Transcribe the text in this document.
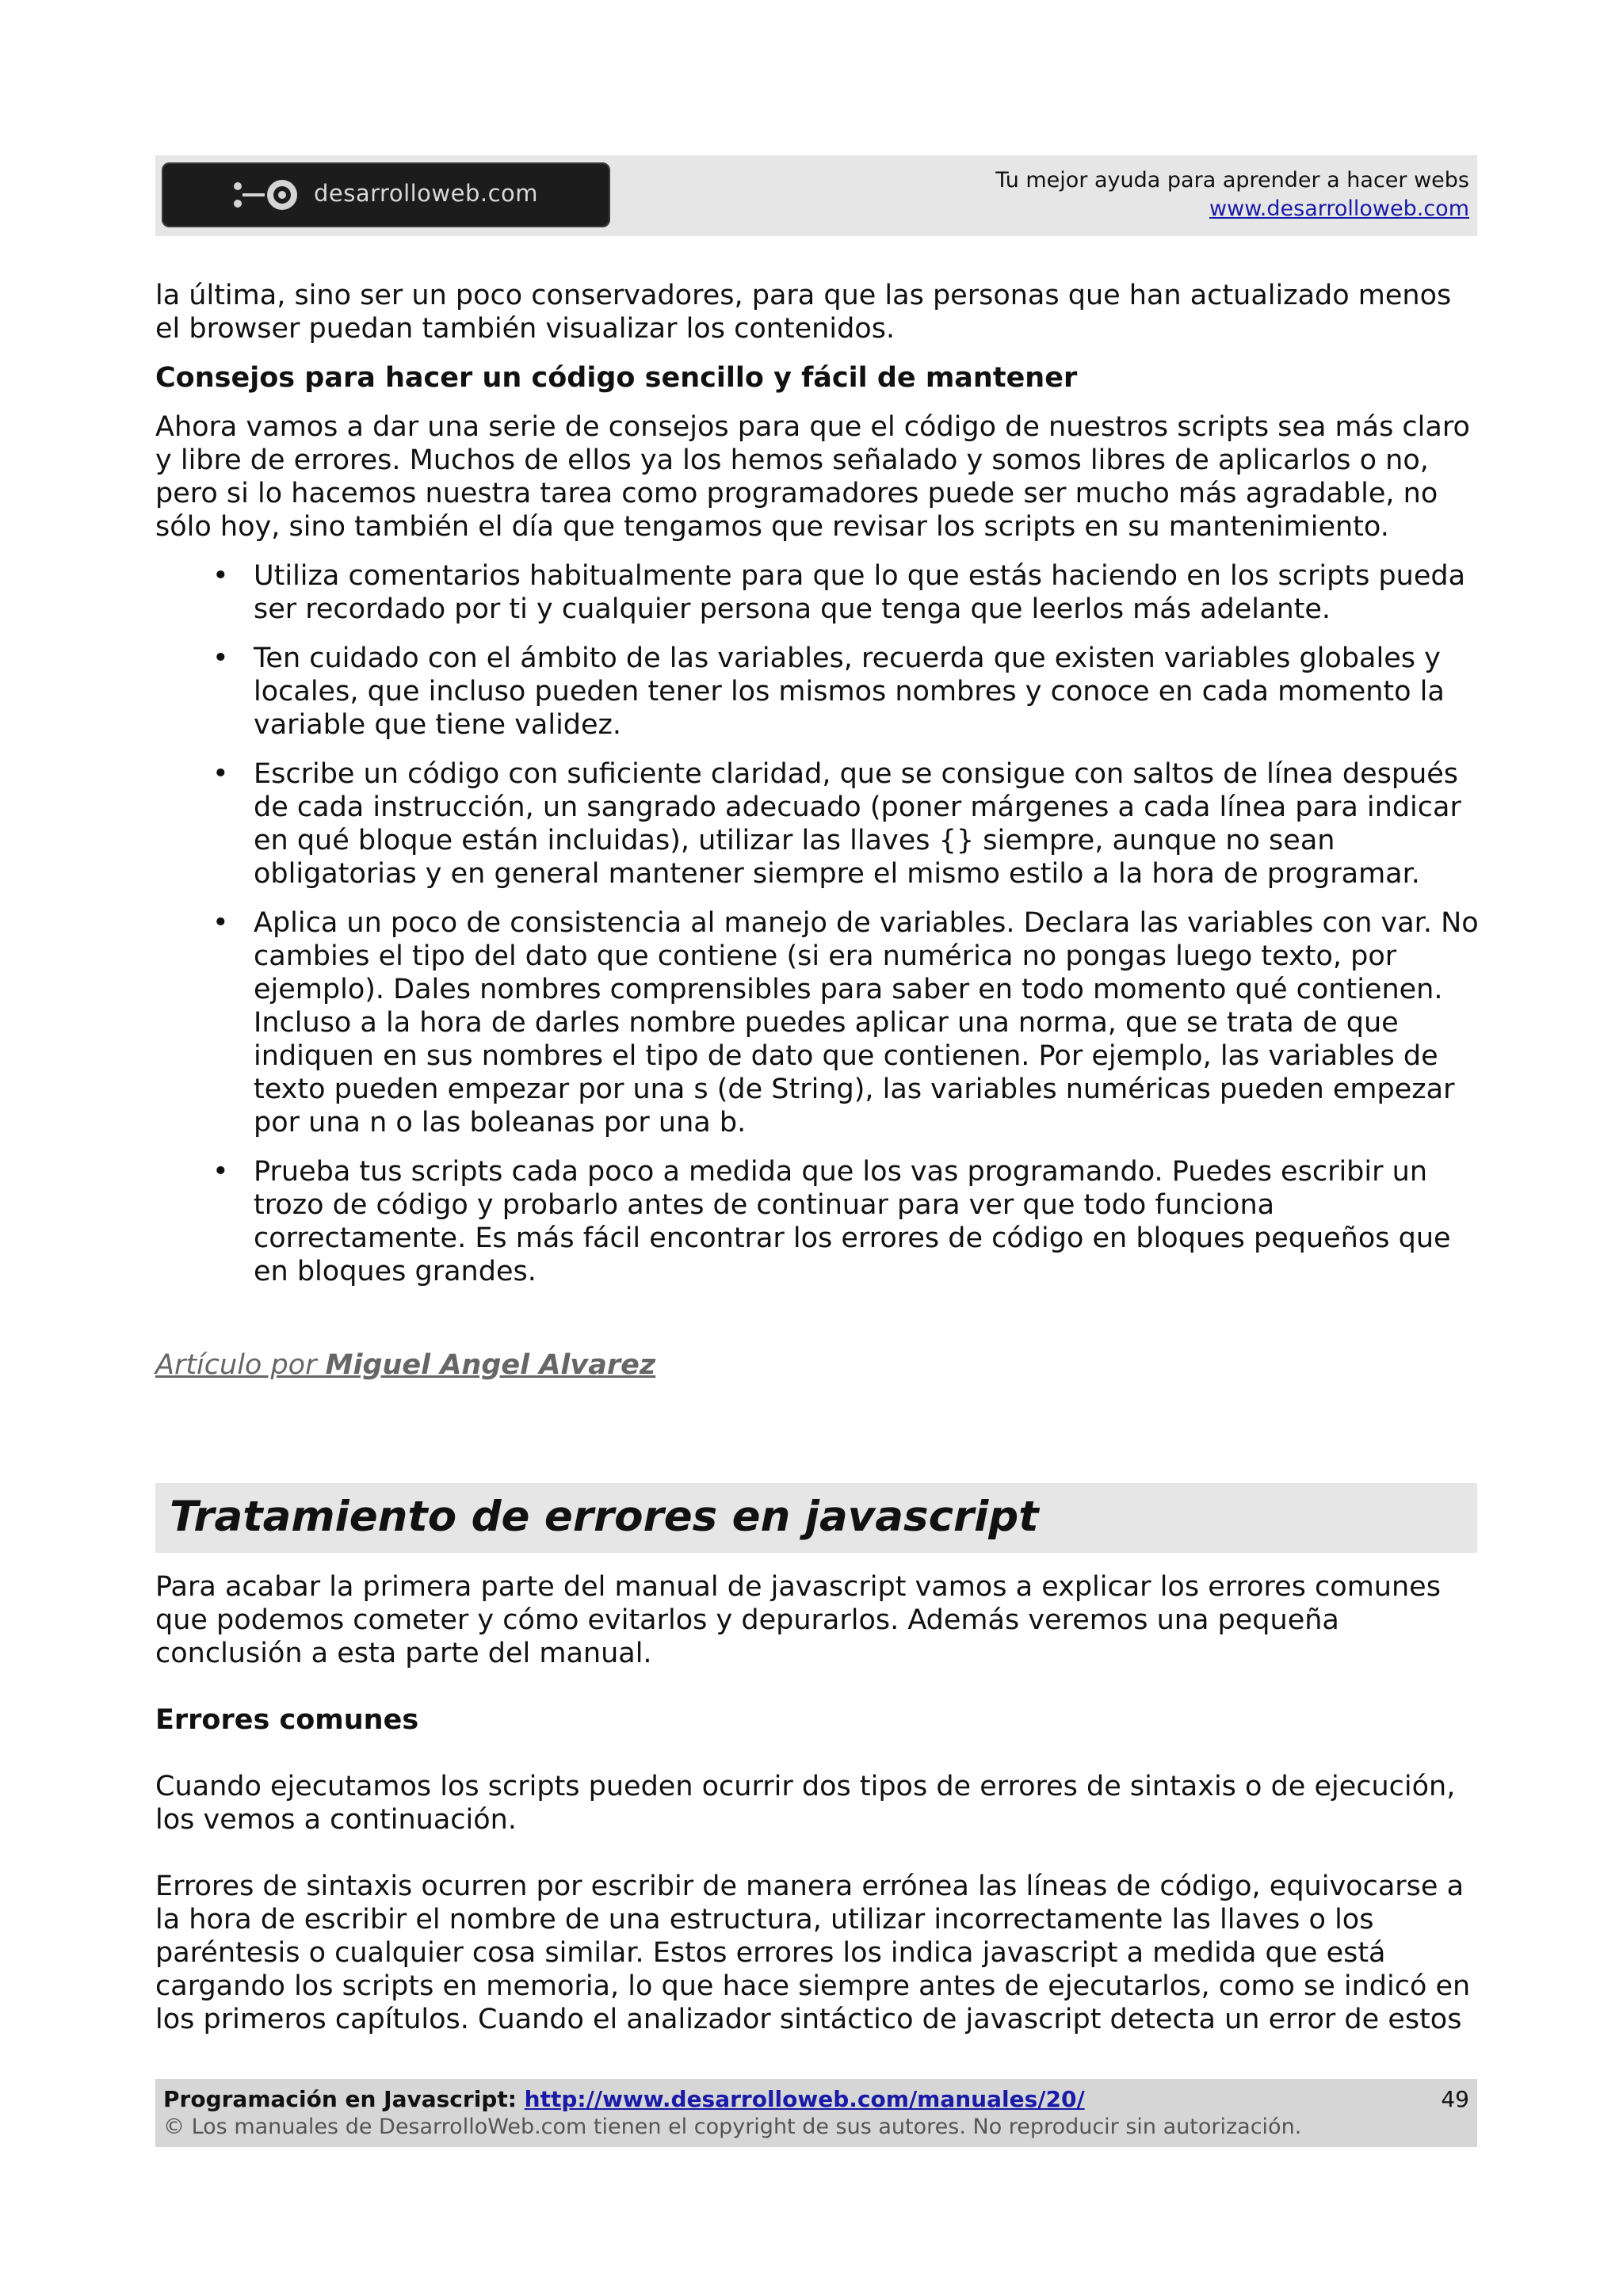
desarrolloweb.com	Tu mejor ayuda para aprender a hacer webs
www.desarrolloweb.com

la última, sino ser un poco conservadores, para que las personas que han actualizado menos el browser puedan también visualizar los contenidos.

Consejos para hacer un código sencillo y fácil de mantener

Ahora vamos a dar una serie de consejos para que el código de nuestros scripts sea más claro y libre de errores. Muchos de ellos ya los hemos señalado y somos libres de aplicarlos o no, pero si lo hacemos nuestra tarea como programadores puede ser mucho más agradable, no sólo hoy, sino también el día que tengamos que revisar los scripts en su mantenimiento.

• Utiliza comentarios habitualmente para que lo que estás haciendo en los scripts pueda ser recordado por ti y cualquier persona que tenga que leerlos más adelante.
• Ten cuidado con el ámbito de las variables, recuerda que existen variables globales y locales, que incluso pueden tener los mismos nombres y conoce en cada momento la variable que tiene validez.
• Escribe un código con suficiente claridad, que se consigue con saltos de línea después de cada instrucción, un sangrado adecuado (poner márgenes a cada línea para indicar en qué bloque están incluidas), utilizar las llaves {} siempre, aunque no sean obligatorias y en general mantener siempre el mismo estilo a la hora de programar.
• Aplica un poco de consistencia al manejo de variables. Declara las variables con var. No cambies el tipo del dato que contiene (si era numérica no pongas luego texto, por ejemplo). Dales nombres comprensibles para saber en todo momento qué contienen. Incluso a la hora de darles nombre puedes aplicar una norma, que se trata de que indiquen en sus nombres el tipo de dato que contienen. Por ejemplo, las variables de texto pueden empezar por una s (de String), las variables numéricas pueden empezar por una n o las boleanas por una b.
• Prueba tus scripts cada poco a medida que los vas programando. Puedes escribir un trozo de código y probarlo antes de continuar para ver que todo funciona correctamente. Es más fácil encontrar los errores de código en bloques pequeños que en bloques grandes.
Artículo por Miguel Angel Alvarez
Tratamiento de errores en javascript

Para acabar la primera parte del manual de javascript vamos a explicar los errores comunes que podemos cometer y cómo evitarlos y depurarlos. Además veremos una pequeña conclusión a esta parte del manual.

Errores comunes

Cuando ejecutamos los scripts pueden ocurrir dos tipos de errores de sintaxis o de ejecución, los vemos a continuación.

Errores de sintaxis ocurren por escribir de manera errónea las líneas de código, equivocarse a la hora de escribir el nombre de una estructura, utilizar incorrectamente las llaves o los paréntesis o cualquier cosa similar. Estos errores los indica javascript a medida que está cargando los scripts en memoria, lo que hace siempre antes de ejecutarlos, como se indicó en los primeros capítulos. Cuando el analizador sintáctico de javascript detecta un error de estos

Programación en Javascript: http://www.desarrolloweb.com/manuales/20/	49
© Los manuales de DesarrolloWeb.com tienen el copyright de sus autores. No reproducir sin autorización.
